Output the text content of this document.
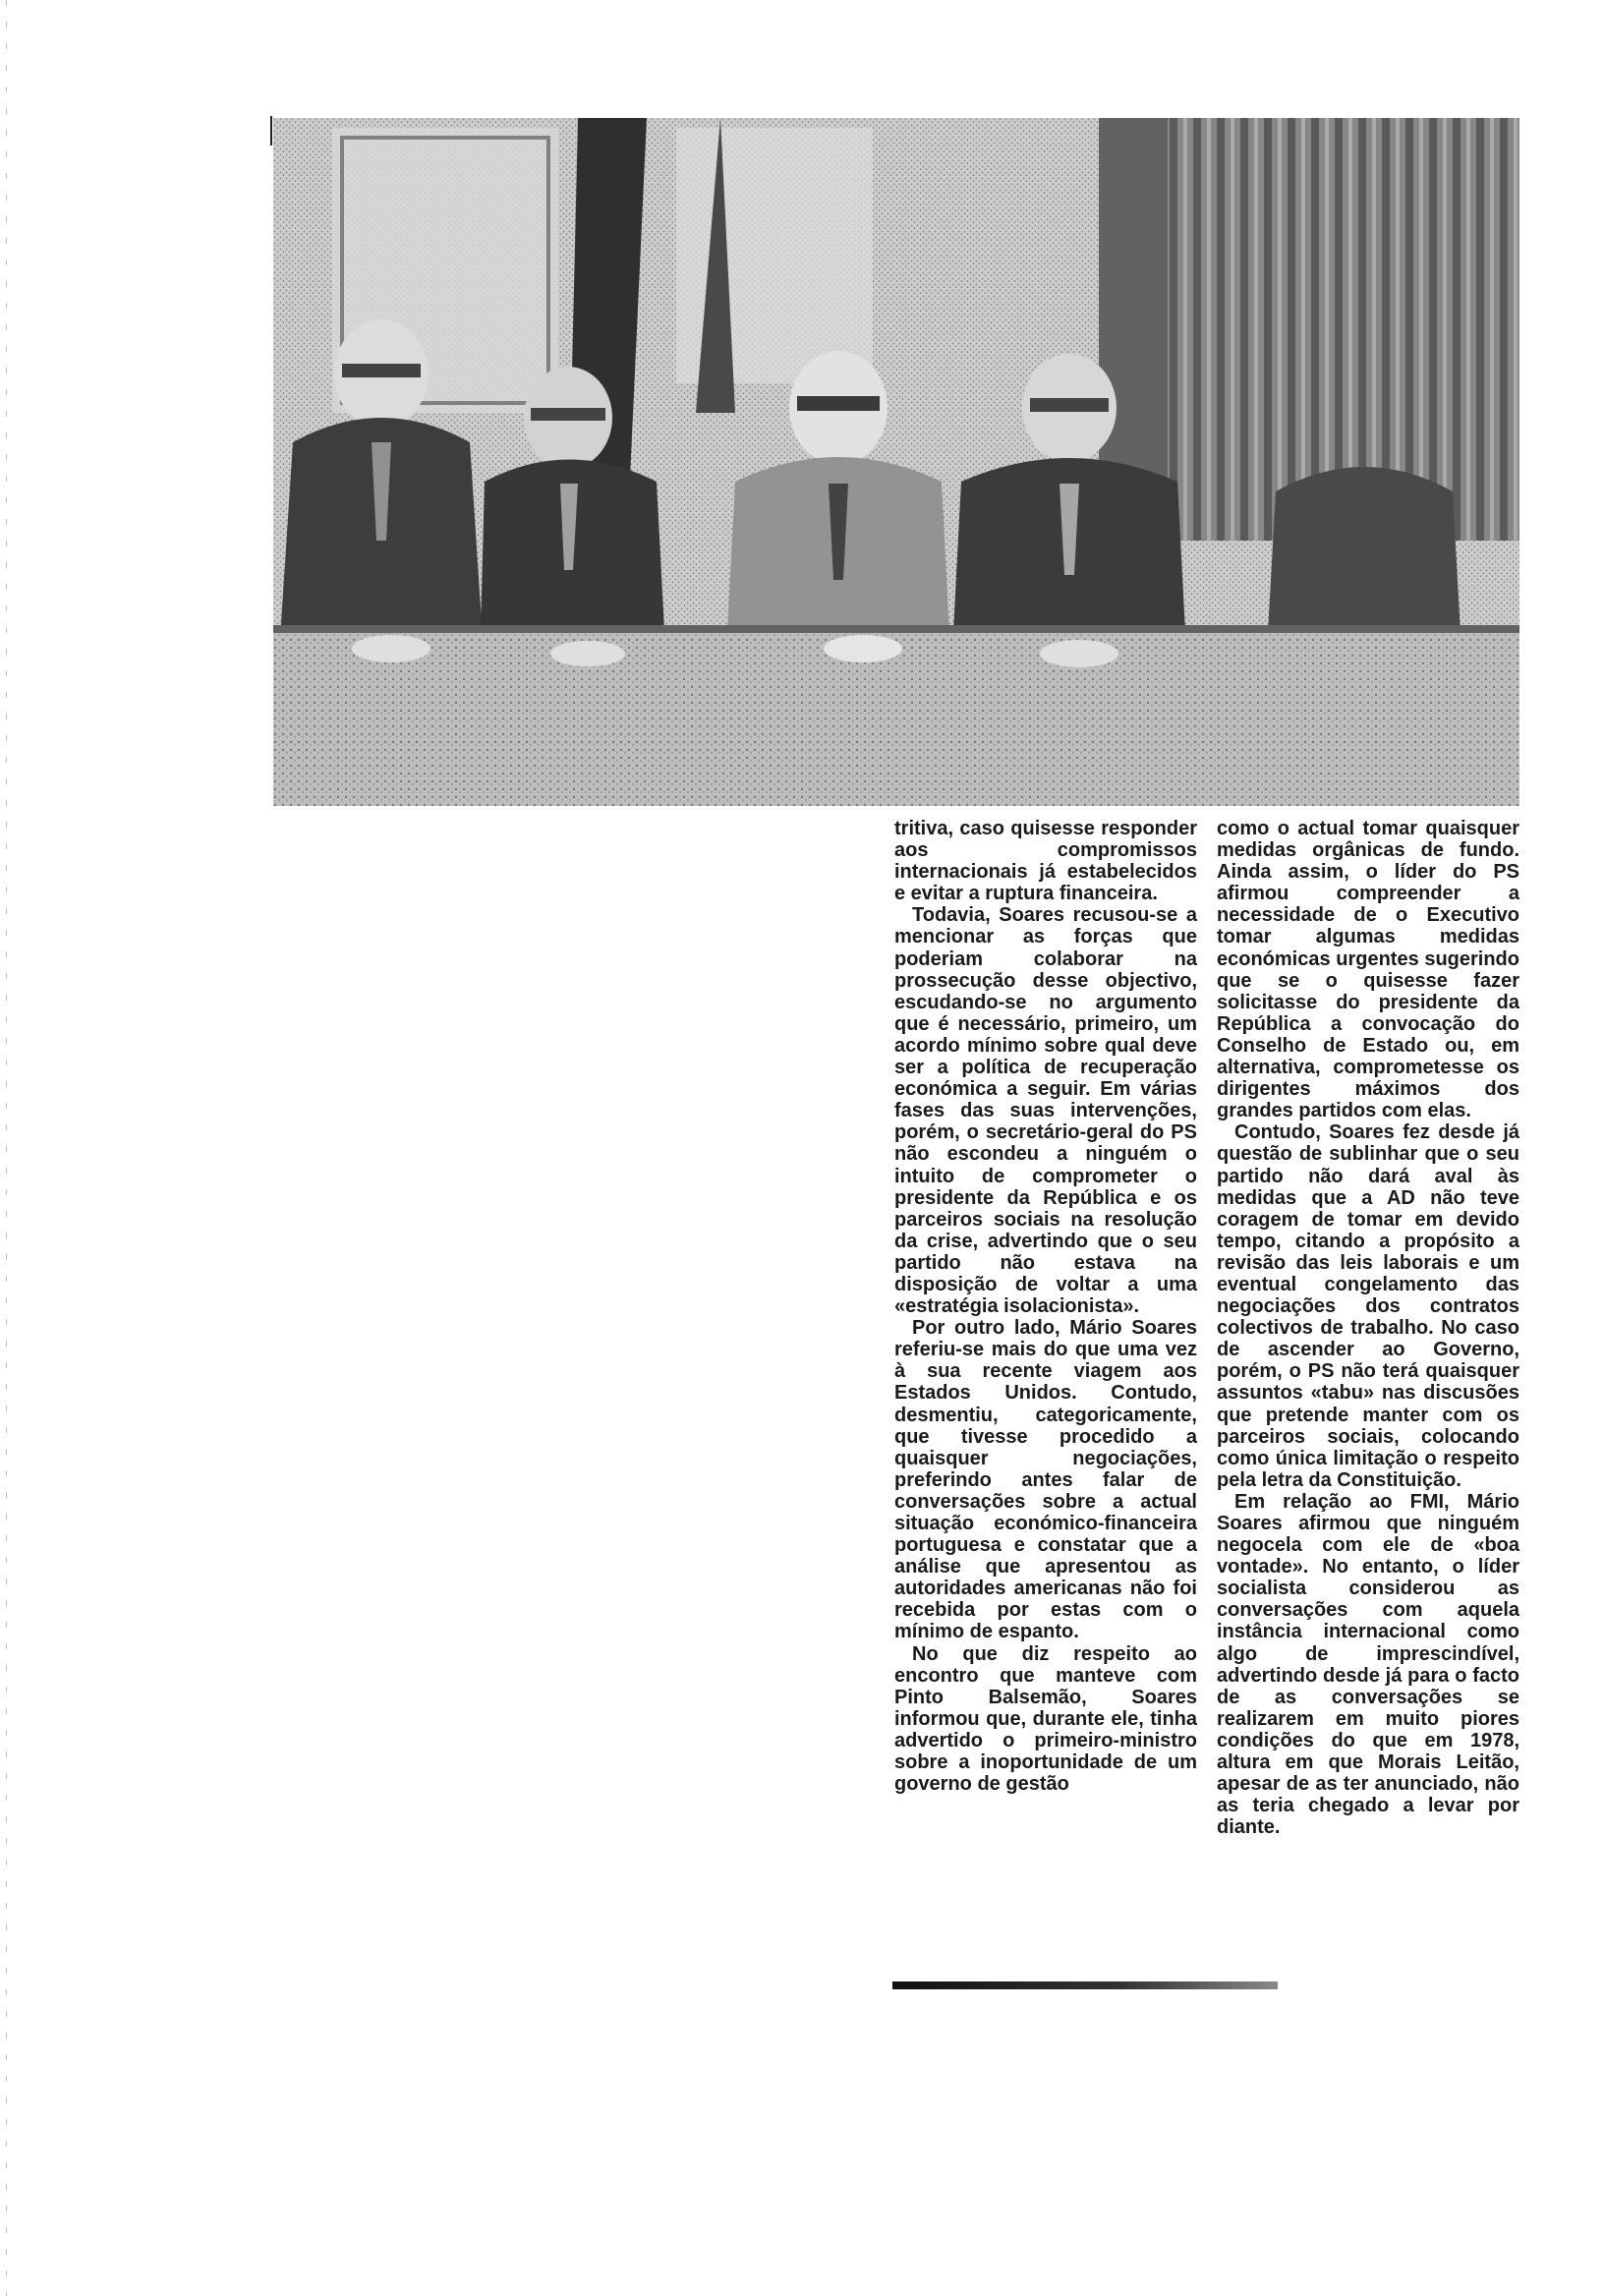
tritiva, caso quisesse responder aos compromissos internacionais já estabelecidos e evitar a ruptura financeira.

Todavia, Soares recusou-se a mencionar as forças que poderiam colaborar na prossecução desse objectivo, escudando-se no argumento que é necessário, primeiro, um acordo mínimo sobre qual deve ser a política de recuperação económica a seguir. Em várias fases das suas intervenções, porém, o secretário-geral do PS não escondeu a ninguém o intuito de comprometer o presidente da República e os parceiros sociais na resolução da crise, advertindo que o seu partido não estava na disposição de voltar a uma «estratégia isolacionista».

Por outro lado, Mário Soares referiu-se mais do que uma vez à sua recente viagem aos Estados Unidos. Contudo, desmentiu, categoricamente, que tivesse procedido a quaisquer negociações, preferindo antes falar de conversações sobre a actual situação económico-financeira portuguesa e constatar que a análise que apresentou as autoridades americanas não foi recebida por estas com o mínimo de espanto.

No que diz respeito ao encontro que manteve com Pinto Balsemão, Soares informou que, durante ele, tinha advertido o primeiro-ministro sobre a inoportunidade de um governo de gestão

como o actual tomar quaisquer medidas orgânicas de fundo. Ainda assim, o líder do PS afirmou compreender a necessidade de o Executivo tomar algumas medidas económicas urgentes sugerindo que se o quisesse fazer solicitasse do presidente da República a convocação do Conselho de Estado ou, em alternativa, comprometesse os dirigentes máximos dos grandes partidos com elas.

Contudo, Soares fez desde já questão de sublinhar que o seu partido não dará aval às medidas que a AD não teve coragem de tomar em devido tempo, citando a propósito a revisão das leis laborais e um eventual congelamento das negociações dos contratos colectivos de trabalho. No caso de ascender ao Governo, porém, o PS não terá quaisquer assuntos «tabu» nas discusões que pretende manter com os parceiros sociais, colocando como única limitação o respeito pela letra da Constituição.

Em relação ao FMI, Mário Soares afirmou que ninguém negocela com ele de «boa vontade». No entanto, o líder socialista considerou as conversações com aquela instância internacional como algo de imprescindível, advertindo desde já para o facto de as conversações se realizarem em muito piores condições do que em 1978, altura em que Morais Leitão, apesar de as ter anunciado, não as teria chegado a levar por diante.
